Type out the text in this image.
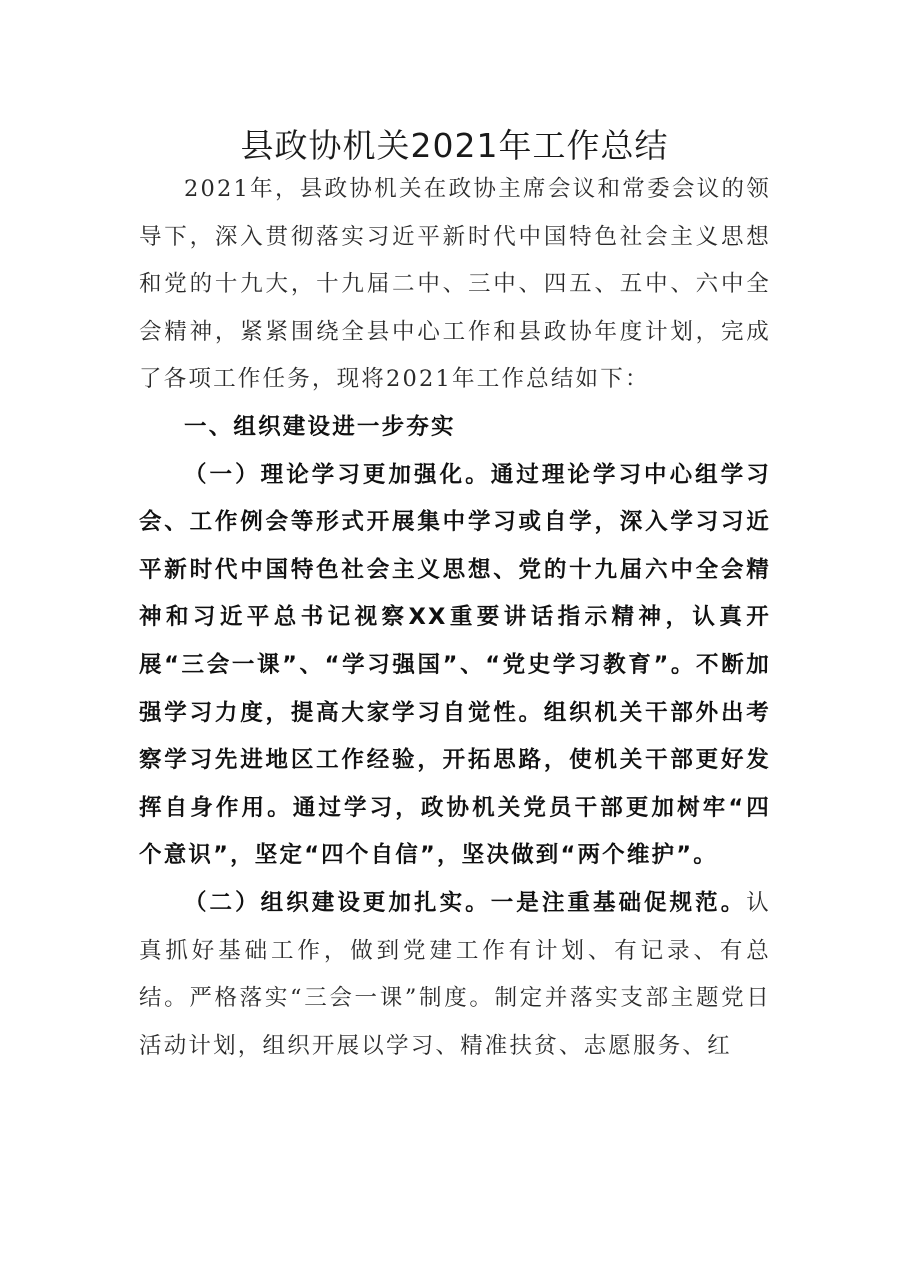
县政协机关2021年工作总结

2021年，县政协机关在政协主席会议和常委会议的领导下，深入贯彻落实习近平新时代中国特色社会主义思想和党的十九大，十九届二中、三中、四五、五中、六中全会精神，紧紧围绕全县中心工作和县政协年度计划，完成了各项工作任务，现将2021年工作总结如下：

一、组织建设进一步夯实

（一）理论学习更加强化。通过理论学习中心组学习会、工作例会等形式开展集中学习或自学，深入学习习近平新时代中国特色社会主义思想、党的十九届六中全会精神和习近平总书记视察XX重要讲话指示精神，认真开展“三会一课”、“学习强国”、“党史学习教育”。不断加强学习力度，提高大家学习自觉性。组织机关干部外出考察学习先进地区工作经验，开拓思路，使机关干部更好发挥自身作用。通过学习，政协机关党员干部更加树牢“四个意识”，坚定“四个自信”，坚决做到“两个维护”。

（二）组织建设更加扎实。一是注重基础促规范。认真抓好基础工作，做到党建工作有计划、有记录、有总结。严格落实“三会一课”制度。制定并落实支部主题党日活动计划，组织开展以学习、精准扶贫、志愿服务、红
